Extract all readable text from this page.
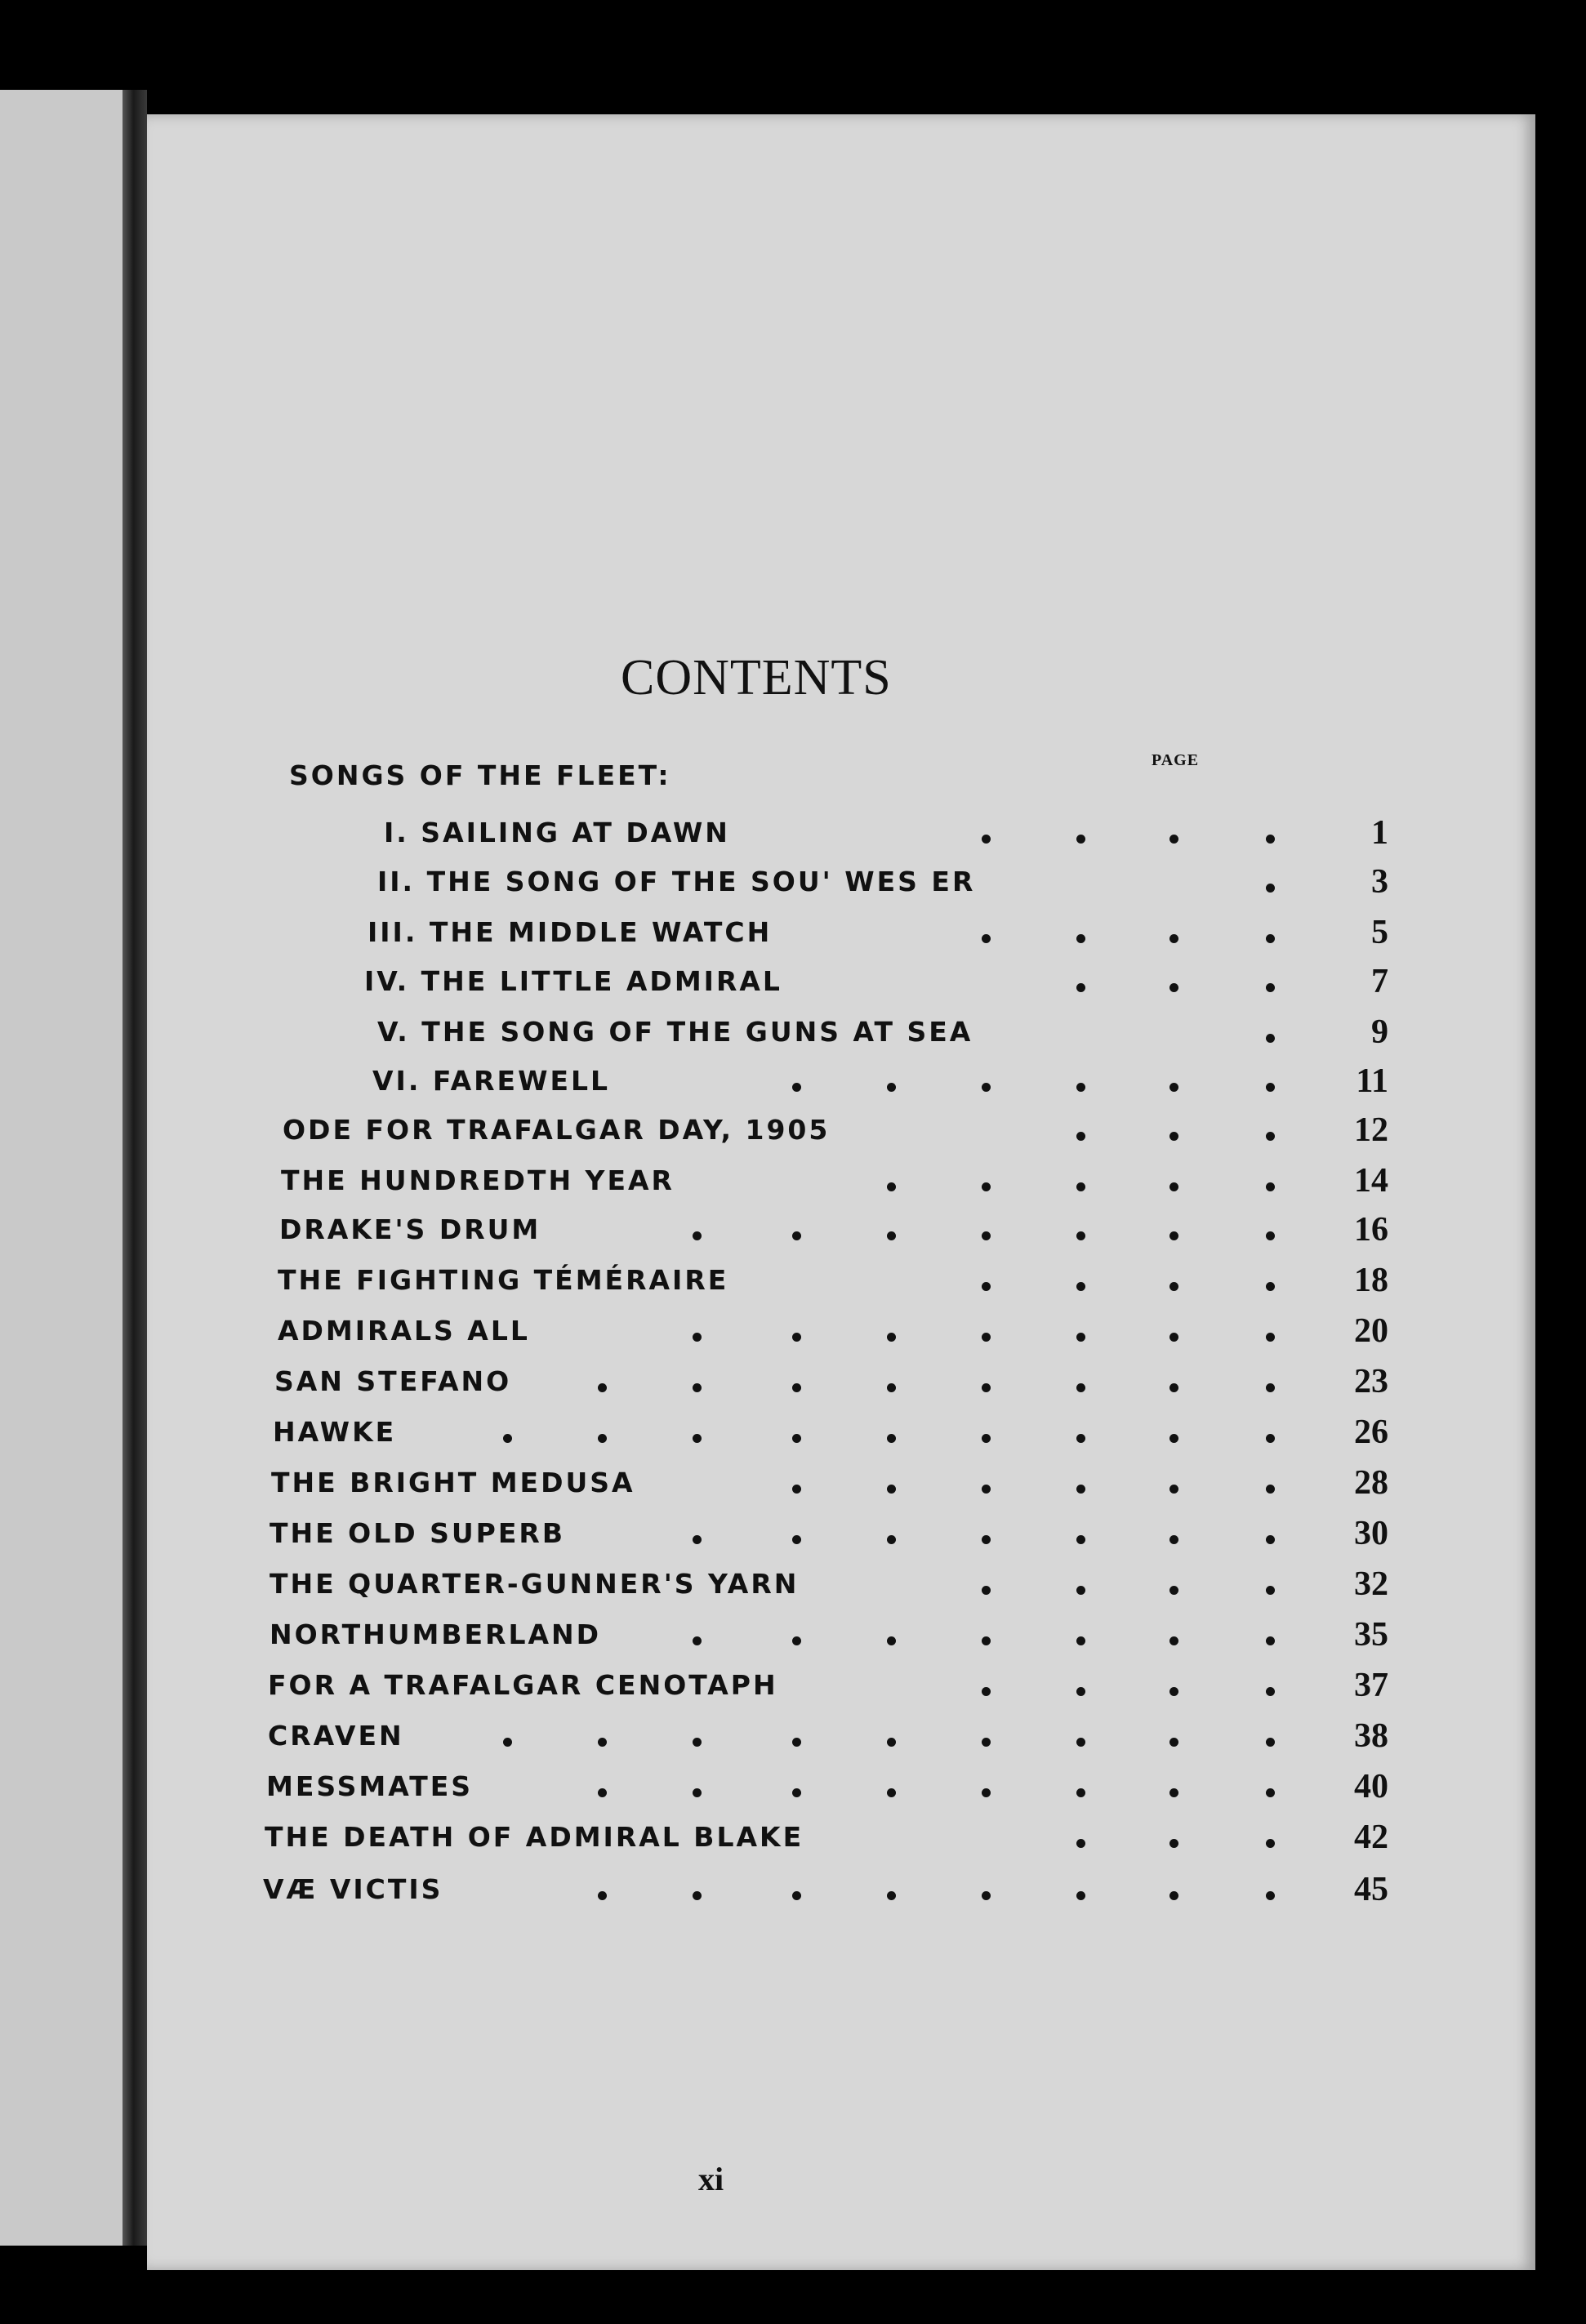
CONTENTS
PAGE
SONGS OF THE FLEET:
I. SAILING AT DAWN	1
II. THE SONG OF THE SOU' WES ER	3
III. THE MIDDLE WATCH	5
IV. THE LITTLE ADMIRAL	7
V. THE SONG OF THE GUNS AT SEA	9
VI. FAREWELL	11
ODE FOR TRAFALGAR DAY, 1905	12
THE HUNDREDTH YEAR	14
DRAKE'S DRUM	16
THE FIGHTING TÉMÉRAIRE	18
ADMIRALS ALL	20
SAN STEFANO	23
HAWKE	26
THE BRIGHT MEDUSA	28
THE OLD SUPERB	30
THE QUARTER-GUNNER'S YARN	32
NORTHUMBERLAND	35
FOR A TRAFALGAR CENOTAPH	37
CRAVEN	38
MESSMATES	40
THE DEATH OF ADMIRAL BLAKE	42
VÆ VICTIS	45
xi
